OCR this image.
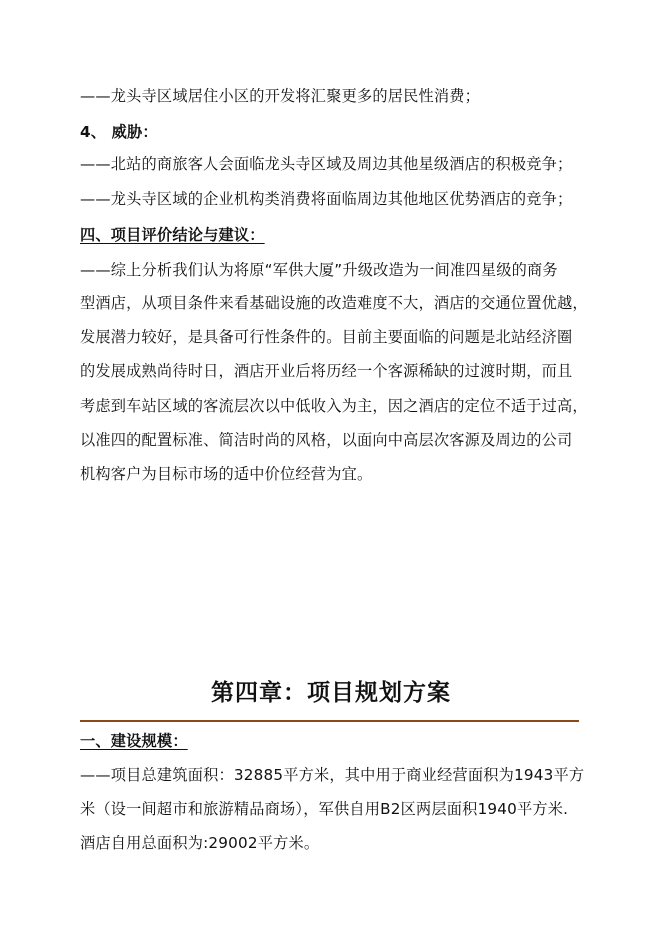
——龙头寺区域居住小区的开发将汇聚更多的居民性消费；
4、 威胁：
——北站的商旅客人会面临龙头寺区域及周边其他星级酒店的积极竞争；
——龙头寺区域的企业机构类消费将面临周边其他地区优势酒店的竞争；
四、项目评价结论与建议：
——综上分析我们认为将原“军供大厦”升级改造为一间准四星级的商务
型酒店，从项目条件来看基础设施的改造难度不大，酒店的交通位置优越，
发展潜力较好，是具备可行性条件的。目前主要面临的问题是北站经济圈
的发展成熟尚待时日，酒店开业后将历经一个客源稀缺的过渡时期，而且
考虑到车站区域的客流层次以中低收入为主，因之酒店的定位不适于过高，
以准四的配置标准、简洁时尚的风格，以面向中高层次客源及周边的公司
机构客户为目标市场的适中价位经营为宜。
第四章：项目规划方案
一、建设规模：
——项目总建筑面积：32885平方米，其中用于商业经营面积为1943平方
米（设一间超市和旅游精品商场），军供自用B2区两层面积1940平方米.
酒店自用总面积为:29002平方米。
